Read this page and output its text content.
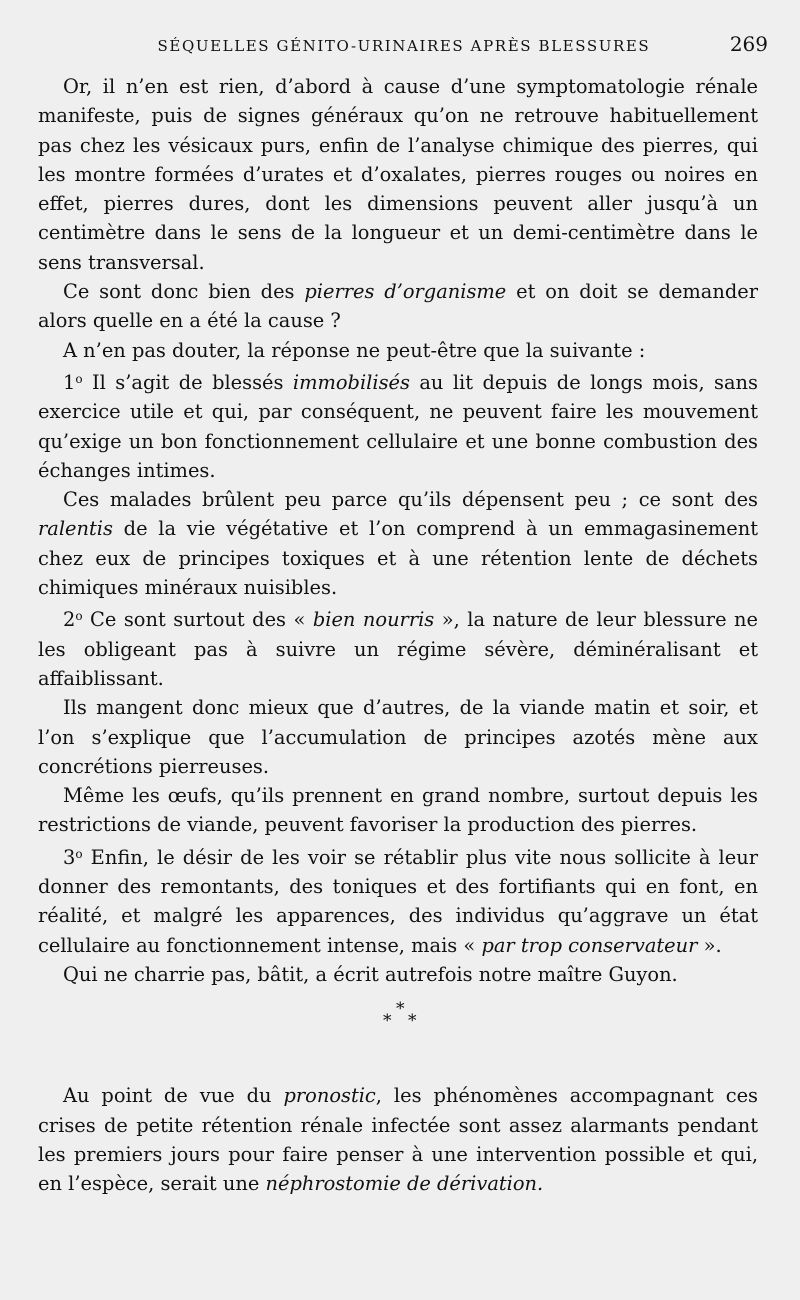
SÉQUELLES GÉNITO-URINAIRES APRÈS BLESSURES	269

Or, il n’en est rien, d’abord à cause d’une symptomatologie rénale manifeste, puis de signes généraux qu’on ne retrouve habituellement pas chez les vésicaux purs, enfin de l’analyse chimique des pierres, qui les montre formées d’urates et d’oxalates, pierres rouges ou noires en effet, pierres dures, dont les dimensions peuvent aller jusqu’à un centimètre dans le sens de la longueur et un demi-centimètre dans le sens transversal.

Ce sont donc bien des pierres d’organisme et on doit se demander alors quelle en a été la cause ?

A n’en pas douter, la réponse ne peut-être que la suivante :

1$^o$ Il s’agit de blessés immobilisés au lit depuis de longs mois, sans exercice utile et qui, par conséquent, ne peuvent faire les mouvement qu’exige un bon fonctionnement cellulaire et une bonne combustion des échanges intimes.

Ces malades brûlent peu parce qu’ils dépensent peu ; ce sont des ralentis de la vie végétative et l’on comprend à un emmagasinement chez eux de principes toxiques et à une rétention lente de déchets chimiques minéraux nuisibles.

2$^o$ Ce sont surtout des « bien nourris », la nature de leur blessure ne les obligeant pas à suivre un régime sévère, déminéralisant et affaiblissant.

Ils mangent donc mieux que d’autres, de la viande matin et soir, et l’on s’explique que l’accumulation de principes azotés mène aux concrétions pierreuses.

Même les œufs, qu’ils prennent en grand nombre, surtout depuis les restrictions de viande, peuvent favoriser la production des pierres.

3$^o$ Enfin, le désir de les voir se rétablir plus vite nous sollicite à leur donner des remontants, des toniques et des fortifiants qui en font, en réalité, et malgré les apparences, des individus qu’aggrave un état cellulaire au fonctionnement intense, mais « par trop conservateur ».

Qui ne charrie pas, bâtit, a écrit autrefois notre maître Guyon.

*
* *

Au point de vue du pronostic, les phénomènes accompagnant ces crises de petite rétention rénale infectée sont assez alarmants pendant les premiers jours pour faire penser à une intervention possible et qui, en l’espèce, serait une néphrostomie de dérivation.
